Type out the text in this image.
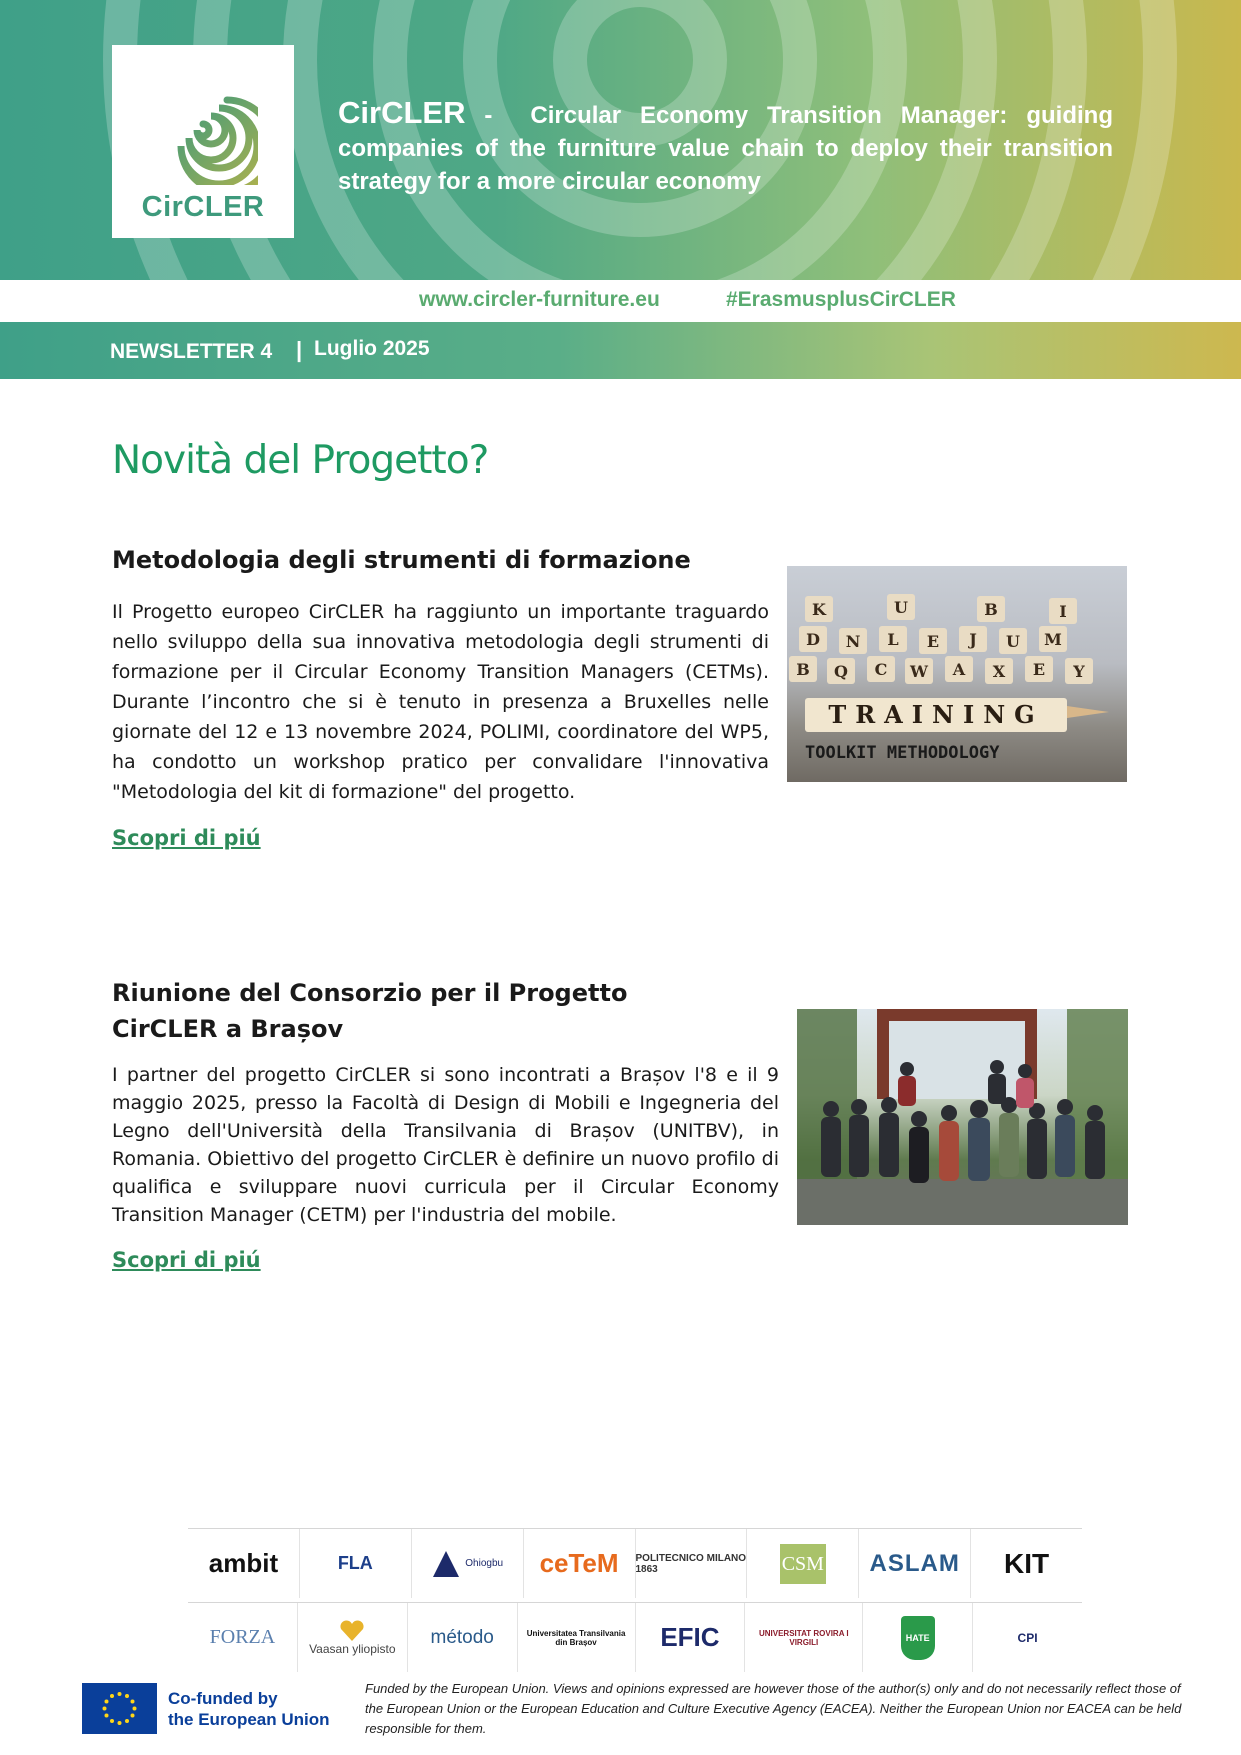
CirCLER
CirCLER -  Circular Economy Transition Manager: guiding companies of the furniture value chain to deploy their transition strategy for a more circular economy
www.circler-furniture.eu	#ErasmusplusCirCLER
NEWSLETTER 4 | Luglio 2025
Novità del Progetto?
Metodologia degli strumenti di formazione
Il Progetto europeo CirCLER ha raggiunto un importante traguardo nello sviluppo della sua innovativa metodologia degli strumenti di formazione per il Circular Economy Transition Managers (CETMs). Durante l’incontro che si è tenuto in presenza a Bruxelles nelle giornate del 12 e 13 novembre 2024, POLIMI, coordinatore del WP5, ha condotto un workshop pratico per convalidare l'innovativa "Metodologia del kit di formazione" del progetto.
Scopri di piú
K	U	B	I
D N L E J U M
B Q C W A X E Y
TRAINING
TOOLKIT METHODOLOGY
Riunione del Consorzio per il Progetto CirCLER a Brașov
I partner del progetto CirCLER si sono incontrati a Brașov l'8 e il 9 maggio 2025, presso la Facoltà di Design di Mobili e Ingegneria del Legno dell'Università della Transilvania di Brașov (UNITBV), in Romania. Obiettivo del progetto CirCLER è definire un nuovo profilo di qualifica e sviluppare nuovi curricula per il Circular Economy Transition Manager (CETM) per l'industria del mobile.
Scopri di piú
ambit	FLA	Ohiogbu	ceTeM	POLITECNICO MILANO 1863	CSM	ASLAM	KIT
FORZA
Vaasan yliopisto
método	Universitatea Transilvania din Brașov	EFIC	UNIVERSITAT ROVIRA I VIRGILI	HATE	CPI
Co-funded by
the European Union
Funded by the European Union. Views and opinions expressed are however those of the author(s) only and do not necessarily reflect those of the European Union or the European Education and Culture Executive Agency (EACEA). Neither the European Union nor EACEA can be held responsible for them.
